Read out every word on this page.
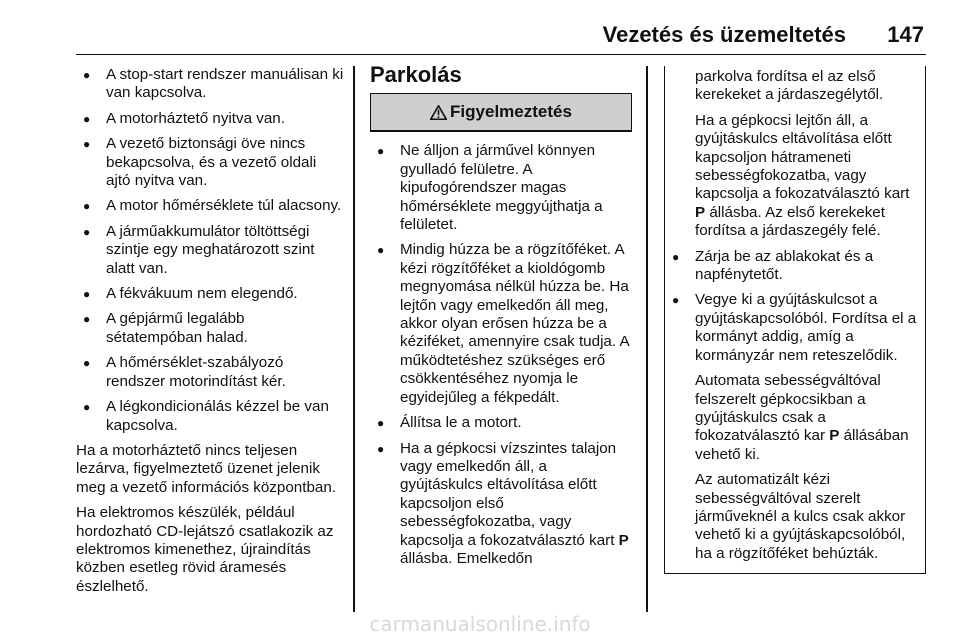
Vezetés és üzemeltetés 147
● A stop-start rendszer manuálisan ki van kapcsolva.
● A motorháztető nyitva van.
● A vezető biztonsági öve nincs bekapcsolva, és a vezető oldali ajtó nyitva van.
● A motor hőmérséklete túl alacsony.
● A járműakkumulátor töltöttségi szintje egy meghatározott szint alatt van.
● A fékvákuum nem elegendő.
● A gépjármű legalább sétatempóban halad.
● A hőmérséklet-szabályozó rendszer motorindítást kér.
● A légkondicionálás kézzel be van kapcsolva.

Ha a motorháztető nincs teljesen lezárva, figyelmeztető üzenet jelenik meg a vezető információs központban.

Ha elektromos készülék, például hordozható CD-lejátszó csatlakozik az elektromos kimenethez, újraindítás közben esetleg rövid áramesés észlelhető.

Parkolás
Figyelmeztetés
● Ne álljon a járművel könnyen gyulladó felületre. A kipufogórendszer magas hőmérséklete meggyújthatja a felületet.
● Mindig húzza be a rögzítőféket. A kézi rögzítőféket a kioldógomb megnyomása nélkül húzza be. Ha lejtőn vagy emelkedőn áll meg, akkor olyan erősen húzza be a kéziféket, amennyire csak tudja. A működtetéshez szükséges erő csökkentéséhez nyomja le egyidejűleg a fékpedált.
● Állítsa le a motort.
● Ha a gépkocsi vízszintes talajon vagy emelkedőn áll, a gyújtáskulcs eltávolítása előtt kapcsoljon első sebességfokozatba, vagy kapcsolja a fokozatválasztó kart P állásba. Emelkedőn

parkolva fordítsa el az első kerekeket a járdaszegélytől.

Ha a gépkocsi lejtőn áll, a gyújtáskulcs eltávolítása előtt kapcsoljon hátrameneti sebességfokozatba, vagy kapcsolja a fokozatválasztó kart P állásba. Az első kerekeket fordítsa a járdaszegély felé.

● Zárja be az ablakokat és a napfénytetőt.
● Vegye ki a gyújtáskulcsot a gyújtáskapcsolóból. Fordítsa el a kormányt addig, amíg a kormányzár nem reteszelődik.

Automata sebességváltóval felszerelt gépkocsikban a gyújtáskulcs csak a fokozatválasztó kar P állásában vehető ki.

Az automatizált kézi sebességváltóval szerelt járműveknél a kulcs csak akkor vehető ki a gyújtáskapcsolóból, ha a rögzítőféket behúzták.

carmanualsonline.info
